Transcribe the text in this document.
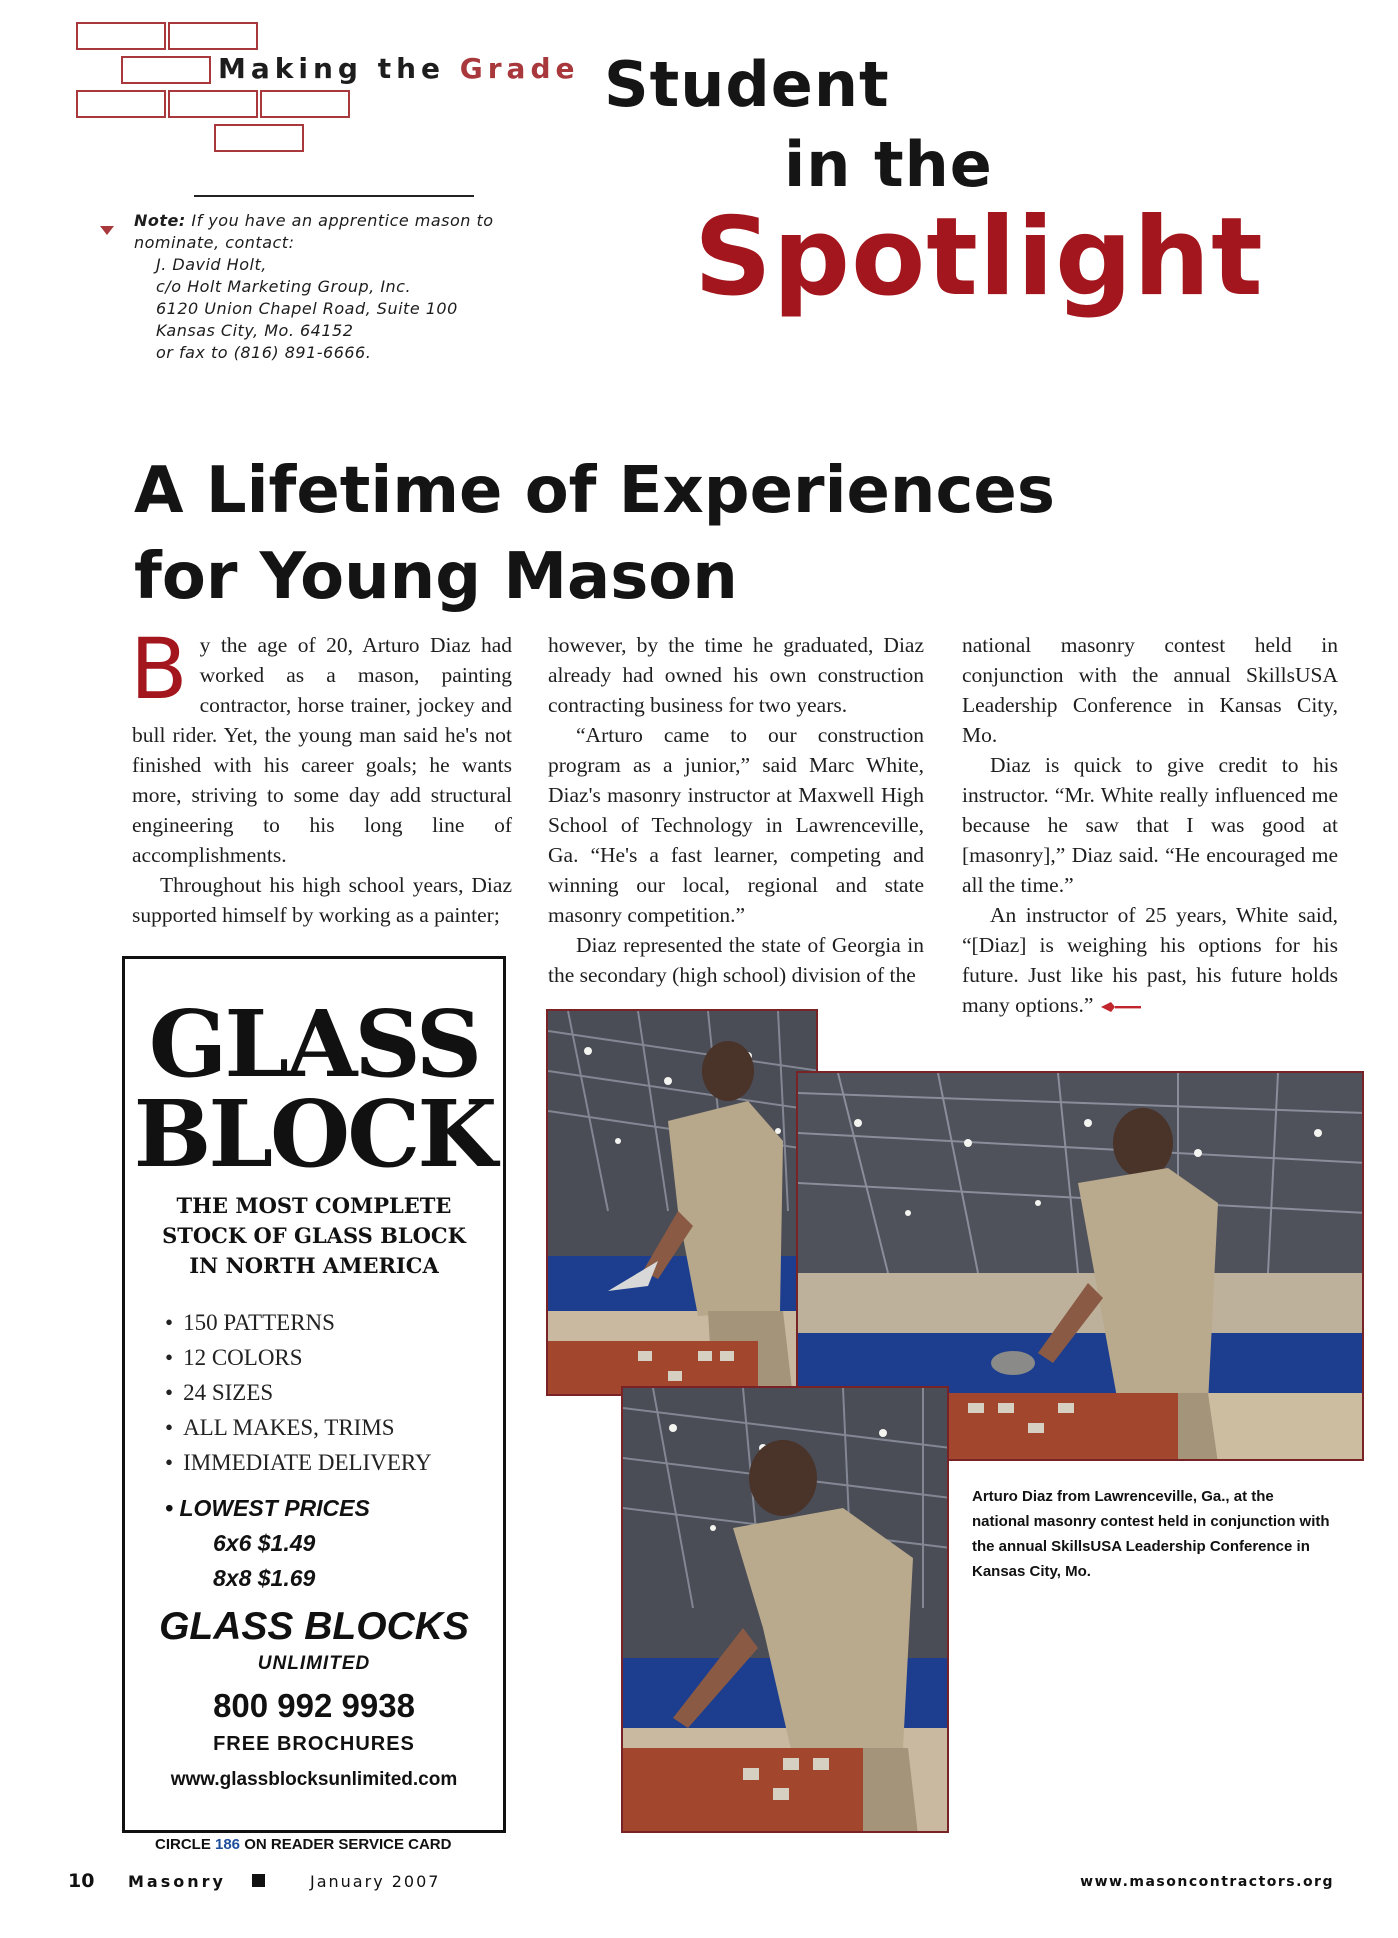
Making the Grade Student
in the
Spotlight
Note: If you have an apprentice mason to
nominate, contact:
J. David Holt,
c/o Holt Marketing Group, Inc.
6120 Union Chapel Road, Suite 100
Kansas City, Mo. 64152
or fax to (816) 891-6666.
A Lifetime of Experiences
for Young Mason

By the age of 20, Arturo Diaz had worked as a mason, painting contractor, horse trainer, jockey and bull rider. Yet, the young man said he's not finished with his career goals; he wants more, striving to some day add structural engineering to his long line of accomplishments.

Throughout his high school years, Diaz supported himself by working as a painter;

however, by the time he graduated, Diaz already had owned his own construction contracting business for two years.

“Arturo came to our construction program as a junior,” said Marc White, Diaz's masonry instructor at Maxwell High School of Technology in Lawrenceville, Ga. “He's a fast learner, competing and winning our local, regional and state masonry competition.”

Diaz represented the state of Georgia in the secondary (high school) division of the

national masonry contest held in conjunction with the annual SkillsUSA Leadership Conference in Kansas City, Mo.

Diaz is quick to give credit to his instructor. “Mr. White really influenced me because he saw that I was good at [masonry],” Diaz said. “He encouraged me all the time.”

An instructor of 25 years, White said, “[Diaz] is weighing his options for his future. Just like his past, his future holds many options.”

GLASS
BLOCK
THE MOST COMPLETE
STOCK OF GLASS BLOCK
IN NORTH AMERICA
• 150 PATTERNS
• 12 COLORS
• 24 SIZES
• ALL MAKES, TRIMS
• IMMEDIATE DELIVERY
• LOWEST PRICES
6x6 $1.49
8x8 $1.69
GLASS BLOCKS
UNLIMITED
800 992 9938
FREE BROCHURES
www.glassblocksunlimited.com
CIRCLE 186 ON READER SERVICE CARD
Arturo Diaz from Lawrenceville, Ga., at the national masonry contest held in conjunction with the annual SkillsUSA Leadership Conference in Kansas City, Mo.
10 Masonry	January 2007	www.masoncontractors.org
